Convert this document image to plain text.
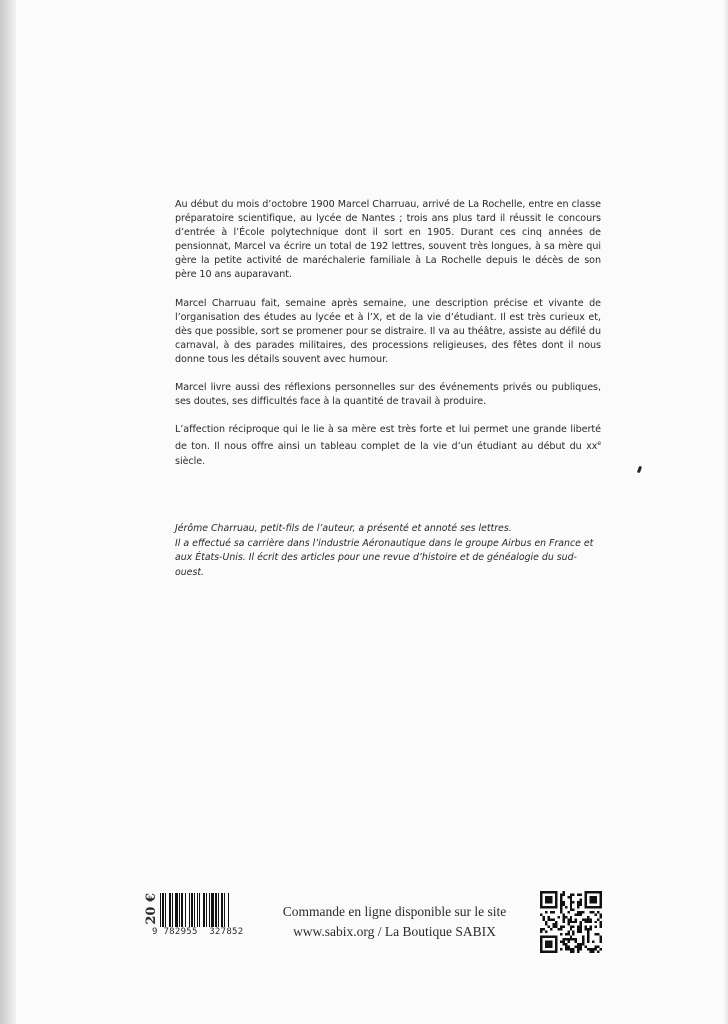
Au début du mois d’octobre 1900 Marcel Charruau, arrivé de La Rochelle, entre en classe préparatoire scientifique, au lycée de Nantes ; trois ans plus tard il réussit le concours d’entrée à l’École polytechnique dont il sort en 1905. Durant ces cinq années de pensionnat, Marcel va écrire un total de 192 lettres, souvent très longues, à sa mère qui gère la petite activité de maréchalerie familiale à La Rochelle depuis le décès de son père 10 ans auparavant.

Marcel Charruau fait, semaine après semaine, une description précise et vivante de l’organisation des études au lycée et à l’X, et de la vie d’étudiant. Il est très curieux et, dès que possible, sort se promener pour se distraire. Il va au théâtre, assiste au défilé du carnaval, à des parades militaires, des processions religieuses, des fêtes dont il nous donne tous les détails souvent avec humour.

Marcel livre aussi des réflexions personnelles sur des événements privés ou publiques, ses doutes, ses difficultés face à la quantité de travail à produire.

L’affection réciproque qui le lie à sa mère est très forte et lui permet une grande liberté de ton. Il nous offre ainsi un tableau complet de la vie d’un étudiant au début du $xx^e$ siècle.

Jérôme Charruau, petit-fils de l’auteur, a présenté et annoté ses lettres.

Il a effectué sa carrière dans l’industrie Aéronautique dans le groupe Airbus en France et aux États-Unis. Il écrit des articles pour une revue d’histoire et de généalogie du sud-ouest.

20 €
9 782955 327852
Commande en ligne disponible sur le site
www.sabix.org / La Boutique SABIX
